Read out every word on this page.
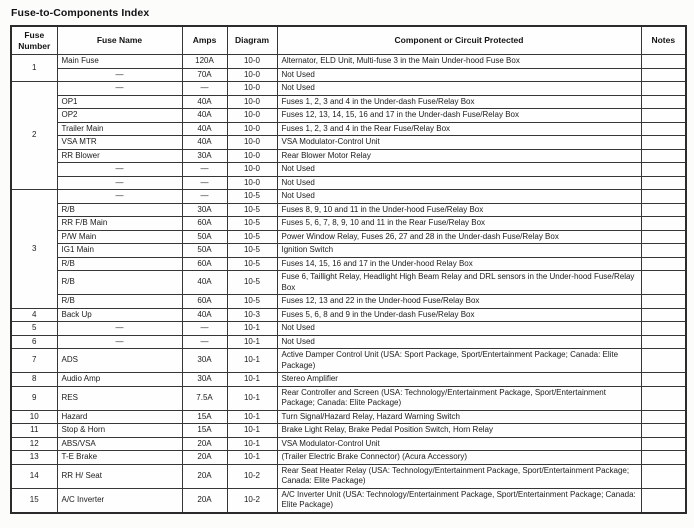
Fuse-to-Components Index
Fuse Number	Fuse Name	Amps	Diagram	Component or Circuit Protected	Notes
1	Main Fuse	120A	10-0	Alternator, ELD Unit, Multi-fuse 3 in the Main Under-hood Fuse Box	
	—	70A	10-0	Not Used	
2	—	—	10-0	Not Used	
	OP1	40A	10-0	Fuses 1, 2, 3 and 4 in the Under-dash Fuse/Relay Box	
	OP2	40A	10-0	Fuses 12, 13, 14, 15, 16 and 17 in the Under-dash Fuse/Relay Box	
	Trailer Main	40A	10-0	Fuses 1, 2, 3 and 4 in the Rear Fuse/Relay Box	
	VSA MTR	40A	10-0	VSA Modulator-Control Unit	
	RR Blower	30A	10-0	Rear Blower Motor Relay	
	—	—	10-0	Not Used	
	—	—	10-0	Not Used	
3	—	—	10-5	Not Used	
	R/B	30A	10-5	Fuses 8, 9, 10 and 11 in the Under-hood Fuse/Relay Box	
	RR F/B Main	60A	10-5	Fuses 5, 6, 7, 8, 9, 10 and 11 in the Rear Fuse/Relay Box	
	P/W Main	50A	10-5	Power Window Relay, Fuses 26, 27 and 28 in the Under-dash Fuse/Relay Box	
	IG1 Main	50A	10-5	Ignition Switch	
	R/B	60A	10-5	Fuses 14, 15, 16 and 17 in the Under-hood Relay Box	
	R/B	40A	10-5	Fuse 6, Taillight Relay, Headlight High Beam Relay and DRL sensors in the Under-hood Fuse/Relay Box	
	R/B	60A	10-5	Fuses 12, 13 and 22 in the Under-hood Fuse/Relay Box	
4	Back Up	40A	10-3	Fuses 5, 6, 8 and 9 in the Under-dash Fuse/Relay Box	
5	—	—	10-1	Not Used	
6	—	—	10-1	Not Used	
7	ADS	30A	10-1	Active Damper Control Unit (USA: Sport Package, Sport/Entertainment Package; Canada: Elite Package)	
8	Audio Amp	30A	10-1	Stereo Amplifier	
9	RES	7.5A	10-1	Rear Controller and Screen (USA: Technology/Entertainment Package, Sport/Entertainment Package; Canada: Elite Package)	
10	Hazard	15A	10-1	Turn Signal/Hazard Relay, Hazard Warning Switch	
11	Stop & Horn	15A	10-1	Brake Light Relay, Brake Pedal Position Switch, Horn Relay	
12	ABS/VSA	20A	10-1	VSA Modulator-Control Unit	
13	T-E Brake	20A	10-1	(Trailer Electric Brake Connector) (Acura Accessory)	
14	RR H/ Seat	20A	10-2	Rear Seat Heater Relay (USA: Technology/Entertainment Package, Sport/Entertainment Package; Canada: Elite Package)	
15	A/C Inverter	20A	10-2	A/C Inverter Unit (USA: Technology/Entertainment Package, Sport/Entertainment Package; Canada: Elite Package)	
